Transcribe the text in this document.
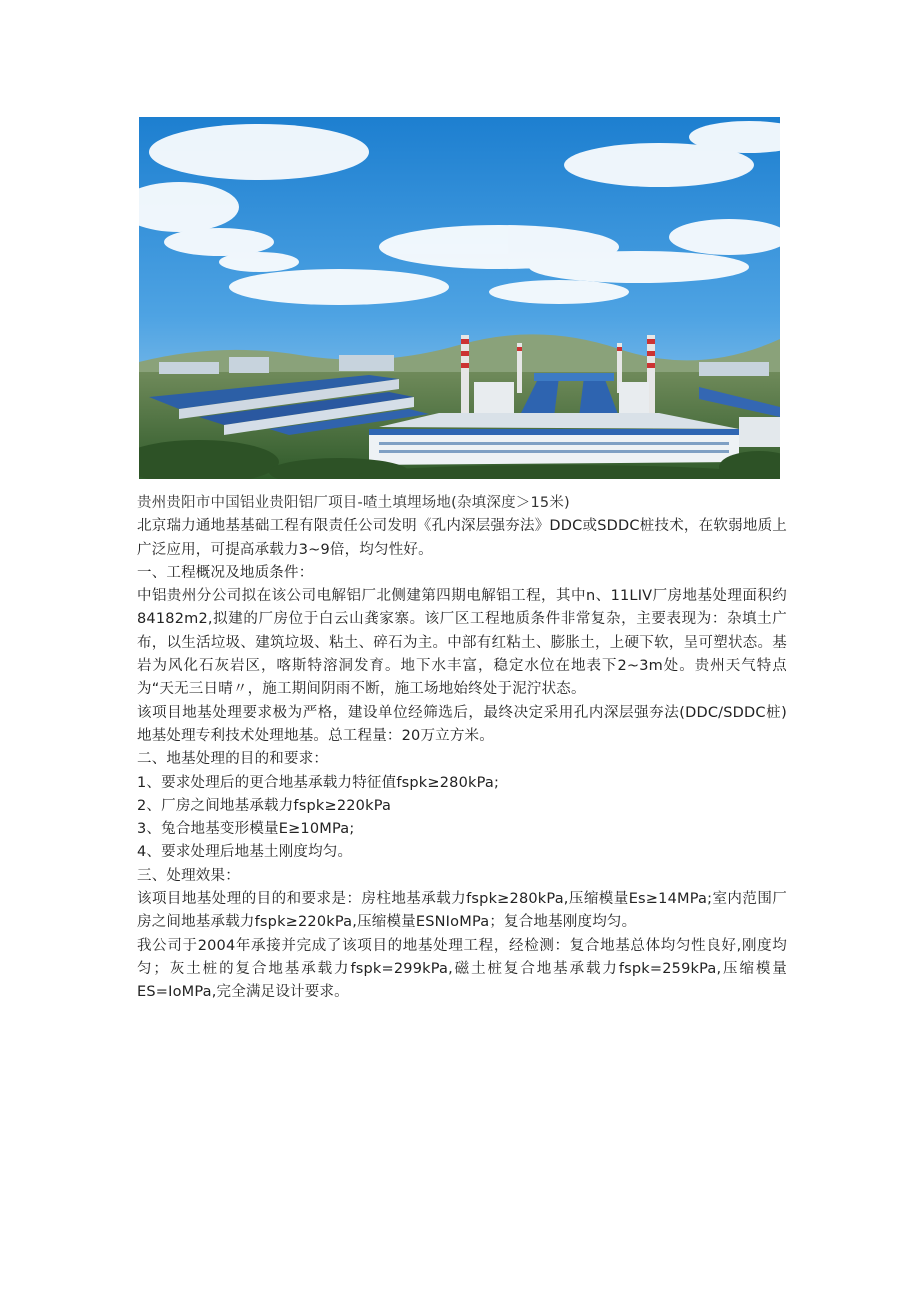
贵州贵阳市中国铝业贵阳铝厂项目-喳土填埋场地(杂填深度＞15米)

北京瑞力通地基基础工程有限责任公司发明《孔内深层强夯法》DDC或SDDC桩技术，在软弱地质上广泛应用，可提高承载力3~9倍，均匀性好。

一、工程概况及地质条件：

中铝贵州分公司拟在该公司电解铝厂北侧建第四期电解铝工程，其中n、11LIV厂房地基处理面积约84182m2,拟建的厂房位于白云山龚家寨。该厂区工程地质条件非常复杂，主要表现为：杂填土广布，以生活垃圾、建筑垃圾、粘土、碎石为主。中部有红粘土、膨胀土，上硬下软，呈可塑状态。基岩为风化石灰岩区，喀斯特溶洞发育。地下水丰富，稳定水位在地表下2~3m处。贵州天气特点为“天无三日晴〃，施工期间阴雨不断，施工场地始终处于泥泞状态。

该项目地基处理要求极为严格，建设单位经筛选后，最终决定采用孔内深层强夯法(DDC/SDDC桩)地基处理专利技术处理地基。总工程量：20万立方米。

二、地基处理的目的和要求：

1、要求处理后的更合地基承载力特征值fspk≥280kPa;

2、厂房之间地基承载力fspk≥220kPa

3、兔合地基变形模量E≥10MPa;

4、要求处理后地基土刚度均匀。

三、处理效果：

该项目地基处理的目的和要求是：房柱地基承载力fspk≥280kPa,压缩模量Es≥14MPa;室内范围厂房之间地基承载力fspk≥220kPa,压缩模量ESNIoMPa；复合地基刚度均匀。

我公司于2004年承接并完成了该项目的地基处理工程，经检测：复合地基总体均匀性良好,刚度均匀；灰土桩的复合地基承载力fspk=299kPa,磁土桩复合地基承载力fspk=259kPa,压缩模量ES=IoMPa,完全满足设计要求。
